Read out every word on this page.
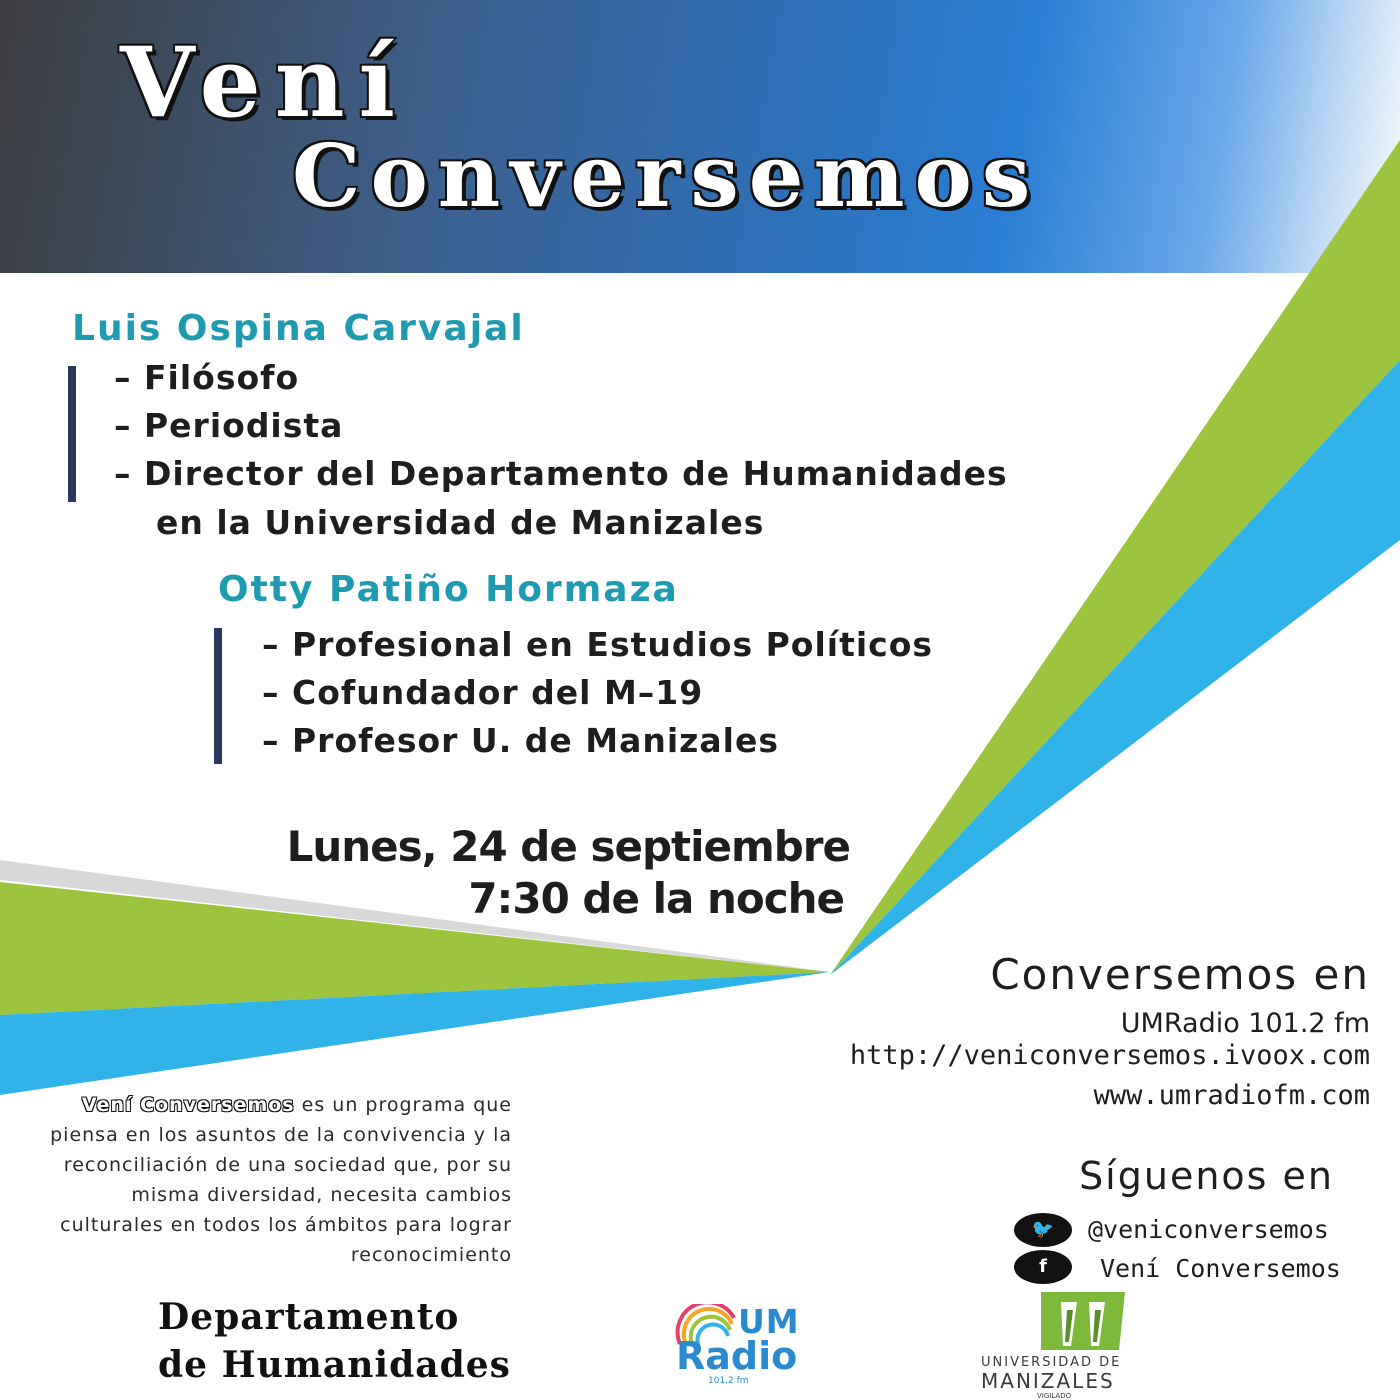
Vení
Conversemos
Luis Ospina Carvajal
– Filósofo
– Periodista
– Director del Departamento de Humanidades
en la Universidad de Manizales
Otty Patiño Hormaza
– Profesional en Estudios Políticos
– Cofundador del M–19
– Profesor U. de Manizales
Lunes, 24 de septiembre
7:30 de la noche
Conversemos en
UMRadio 101.2 fm
http://veniconversemos.ivoox.com
www.umradiofm.com
Síguenos en
🐦	@veniconversemos
f	Vení Conversemos
Vení Conversemos es un programa que piensa en los asuntos de la convivencia y la reconciliación de una sociedad que, por su misma diversidad, necesita cambios culturales en todos los ámbitos para lograr reconocimiento
Departamento
de Humanidades
UM
Radio
101.2 fm
UNIVERSIDAD DE
MANIZALES
VIGILADO
